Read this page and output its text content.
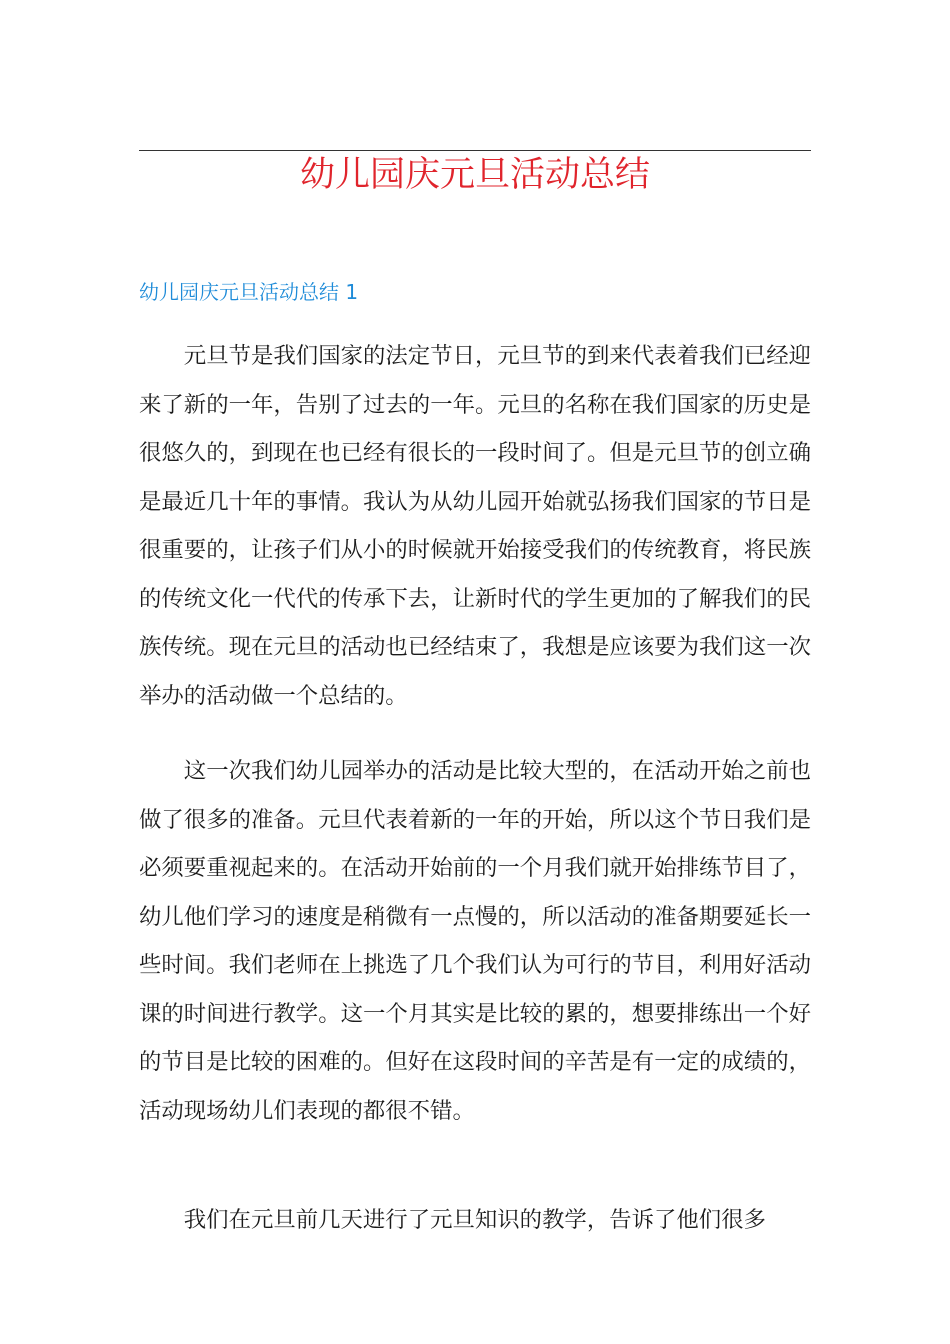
幼儿园庆元旦活动总结
幼儿园庆元旦活动总结 1

元旦节是我们国家的法定节日，元旦节的到来代表着我们已经迎来了新的一年，告别了过去的一年。元旦的名称在我们国家的历史是很悠久的，到现在也已经有很长的一段时间了。但是元旦节的创立确是最近几十年的事情。我认为从幼儿园开始就弘扬我们国家的节日是很重要的，让孩子们从小的时候就开始接受我们的传统教育，将民族的传统文化一代代的传承下去，让新时代的学生更加的了解我们的民族传统。现在元旦的活动也已经结束了，我想是应该要为我们这一次举办的活动做一个总结的。

这一次我们幼儿园举办的活动是比较大型的，在活动开始之前也做了很多的准备。元旦代表着新的一年的开始，所以这个节日我们是必须要重视起来的。在活动开始前的一个月我们就开始排练节目了，幼儿他们学习的速度是稍微有一点慢的，所以活动的准备期要延长一些时间。我们老师在上挑选了几个我们认为可行的节目，利用好活动课的时间进行教学。这一个月其实是比较的累的，想要排练出一个好的节目是比较的困难的。但好在这段时间的辛苦是有一定的成绩的，活动现场幼儿们表现的都很不错。

我们在元旦前几天进行了元旦知识的教学，告诉了他们很多
